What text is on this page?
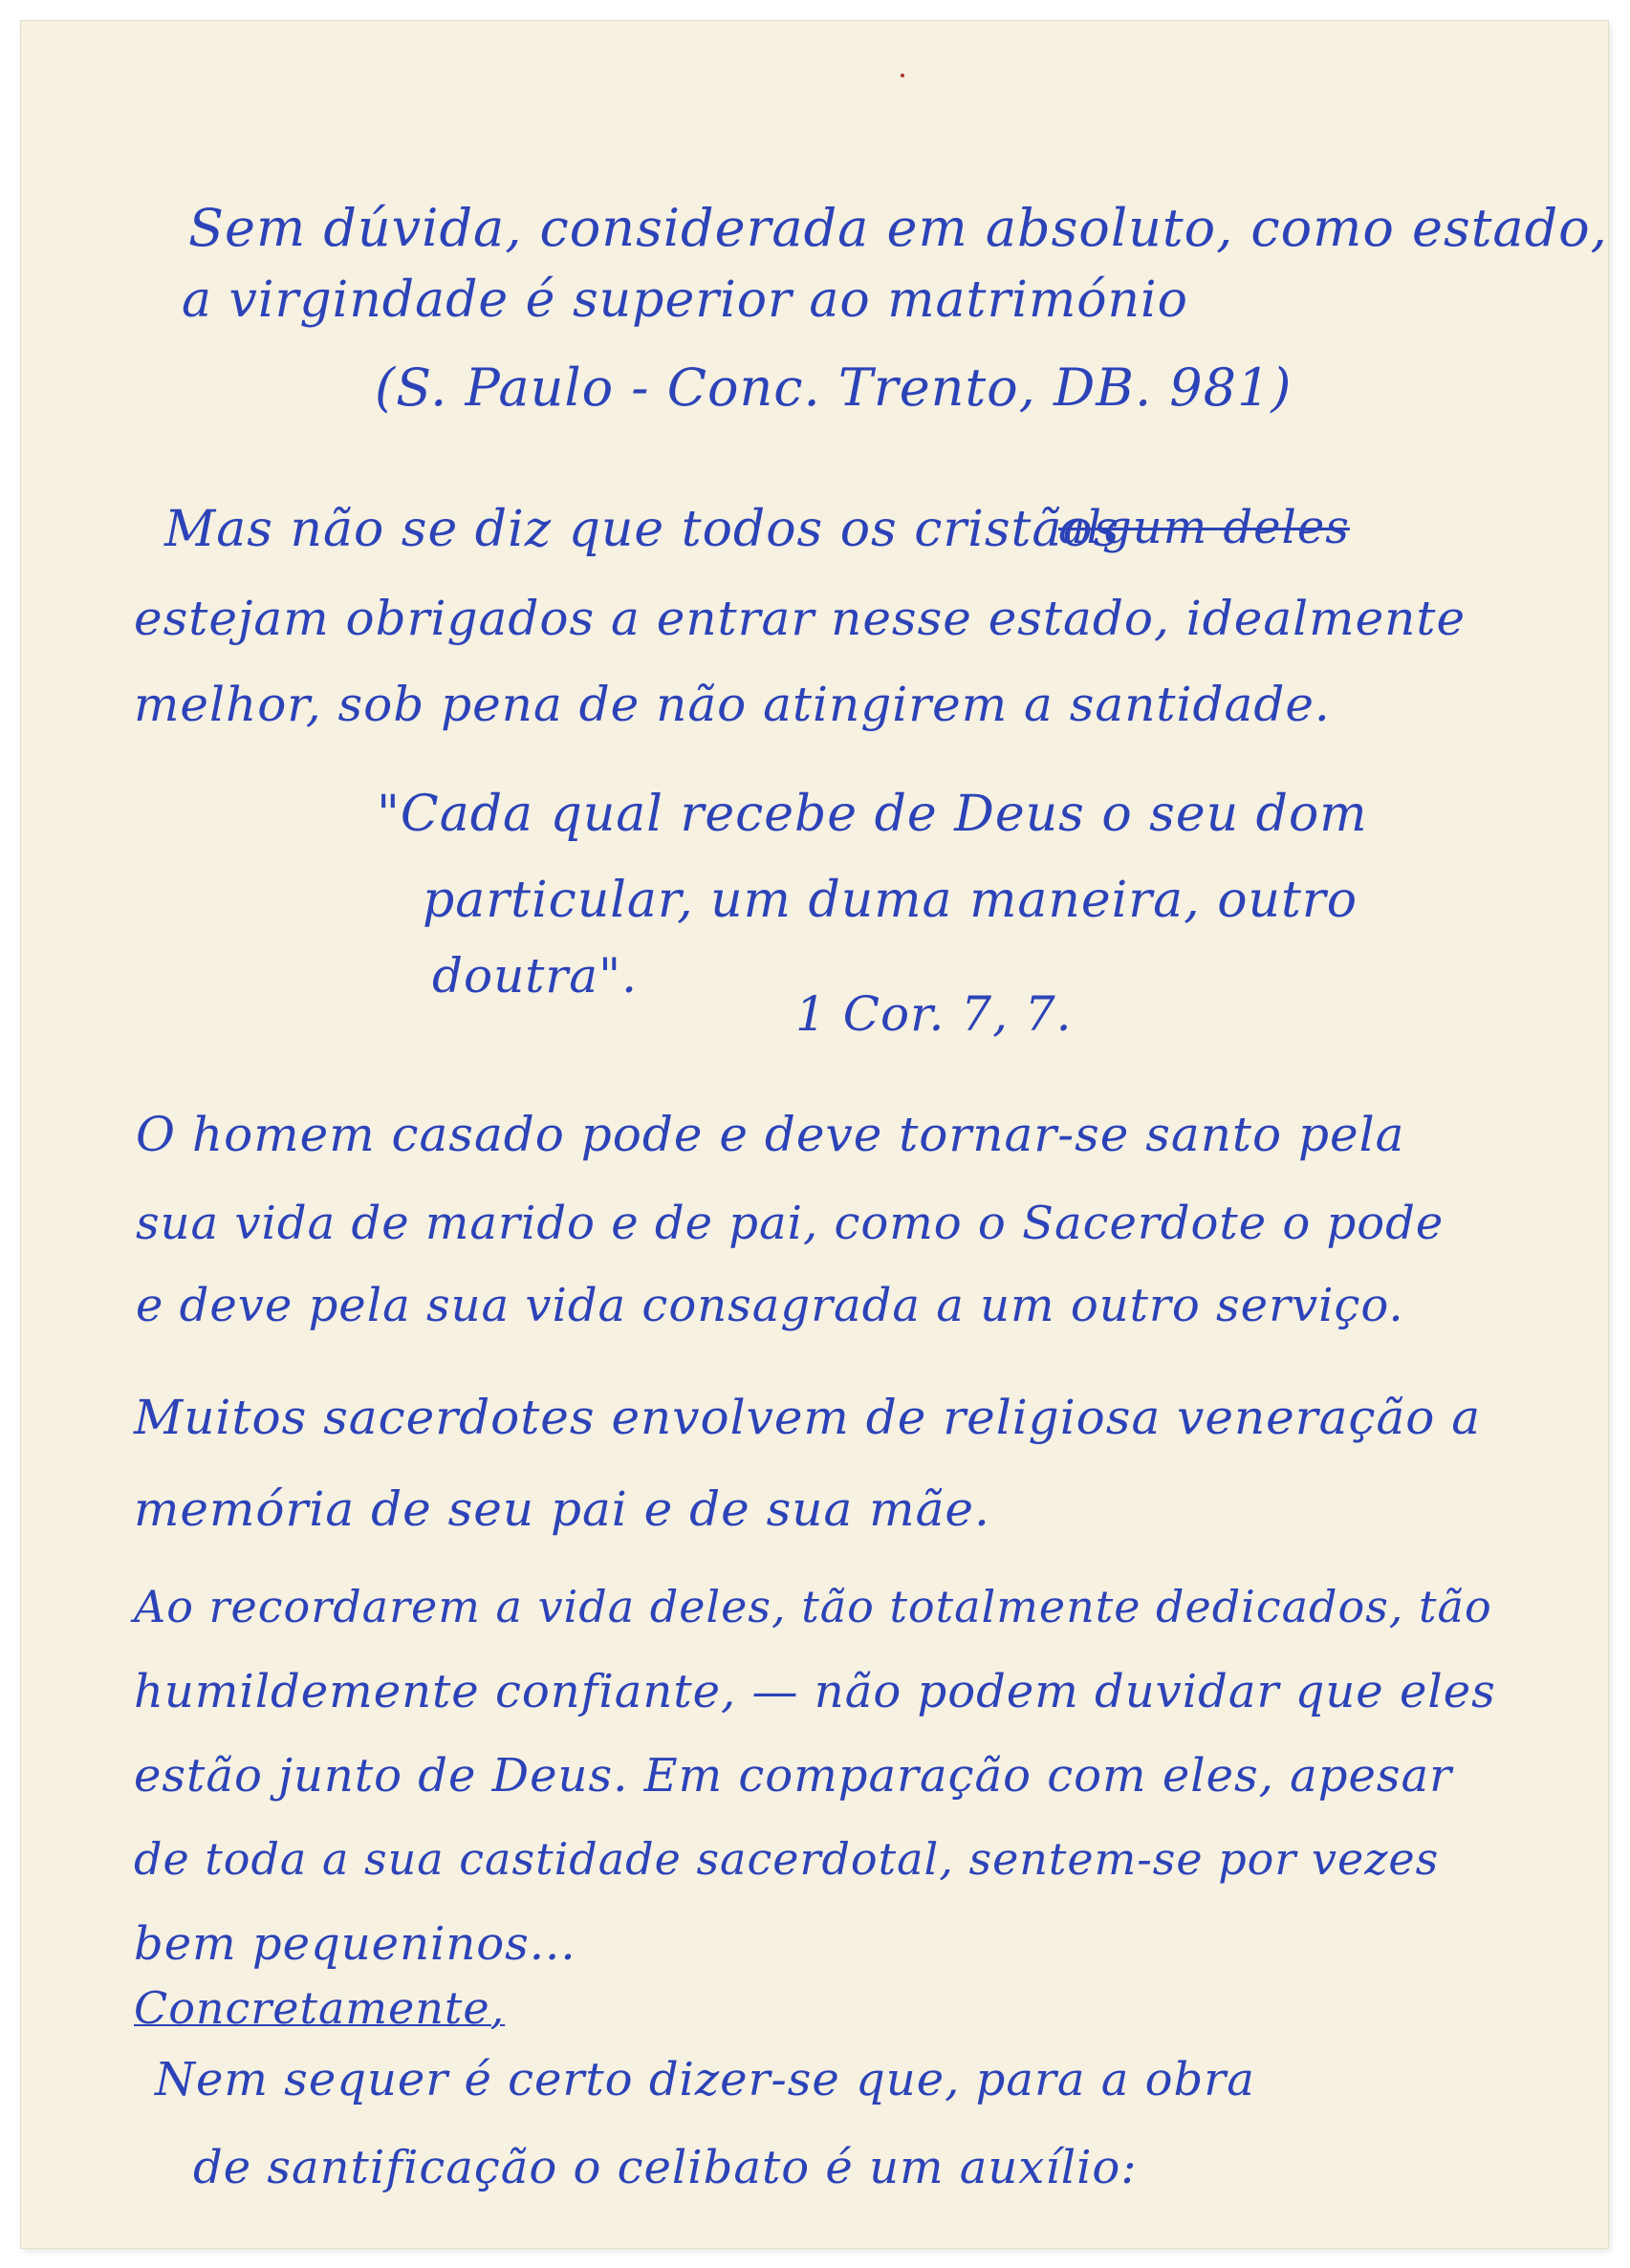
Sem dúvida, considerada em absoluto, como estado,
a virgindade é superior ao matrimónio
(S. Paulo - Conc. Trento, DB. 981)
Mas não se diz que todos os cristãos
algum deles
estejam obrigados a entrar nesse estado, idealmente
melhor, sob pena de não atingirem a santidade.
"Cada qual recebe de Deus o seu dom
particular, um duma maneira, outro
doutra".
1 Cor. 7, 7.
O homem casado pode e deve tornar-se santo pela
sua vida de marido e de pai, como o Sacerdote o pode
e deve pela sua vida consagrada a um outro serviço.
Muitos sacerdotes envolvem de religiosa veneração a
memória de seu pai e de sua mãe.
Ao recordarem a vida deles, tão totalmente dedicados, tão
humildemente confiante, — não podem duvidar que eles
estão junto de Deus. Em comparação com eles, apesar
de toda a sua castidade sacerdotal, sentem-se por vezes
bem pequeninos...
Concretamente,
Nem sequer é certo dizer-se que, para a obra
de santificação o celibato é um auxílio:
